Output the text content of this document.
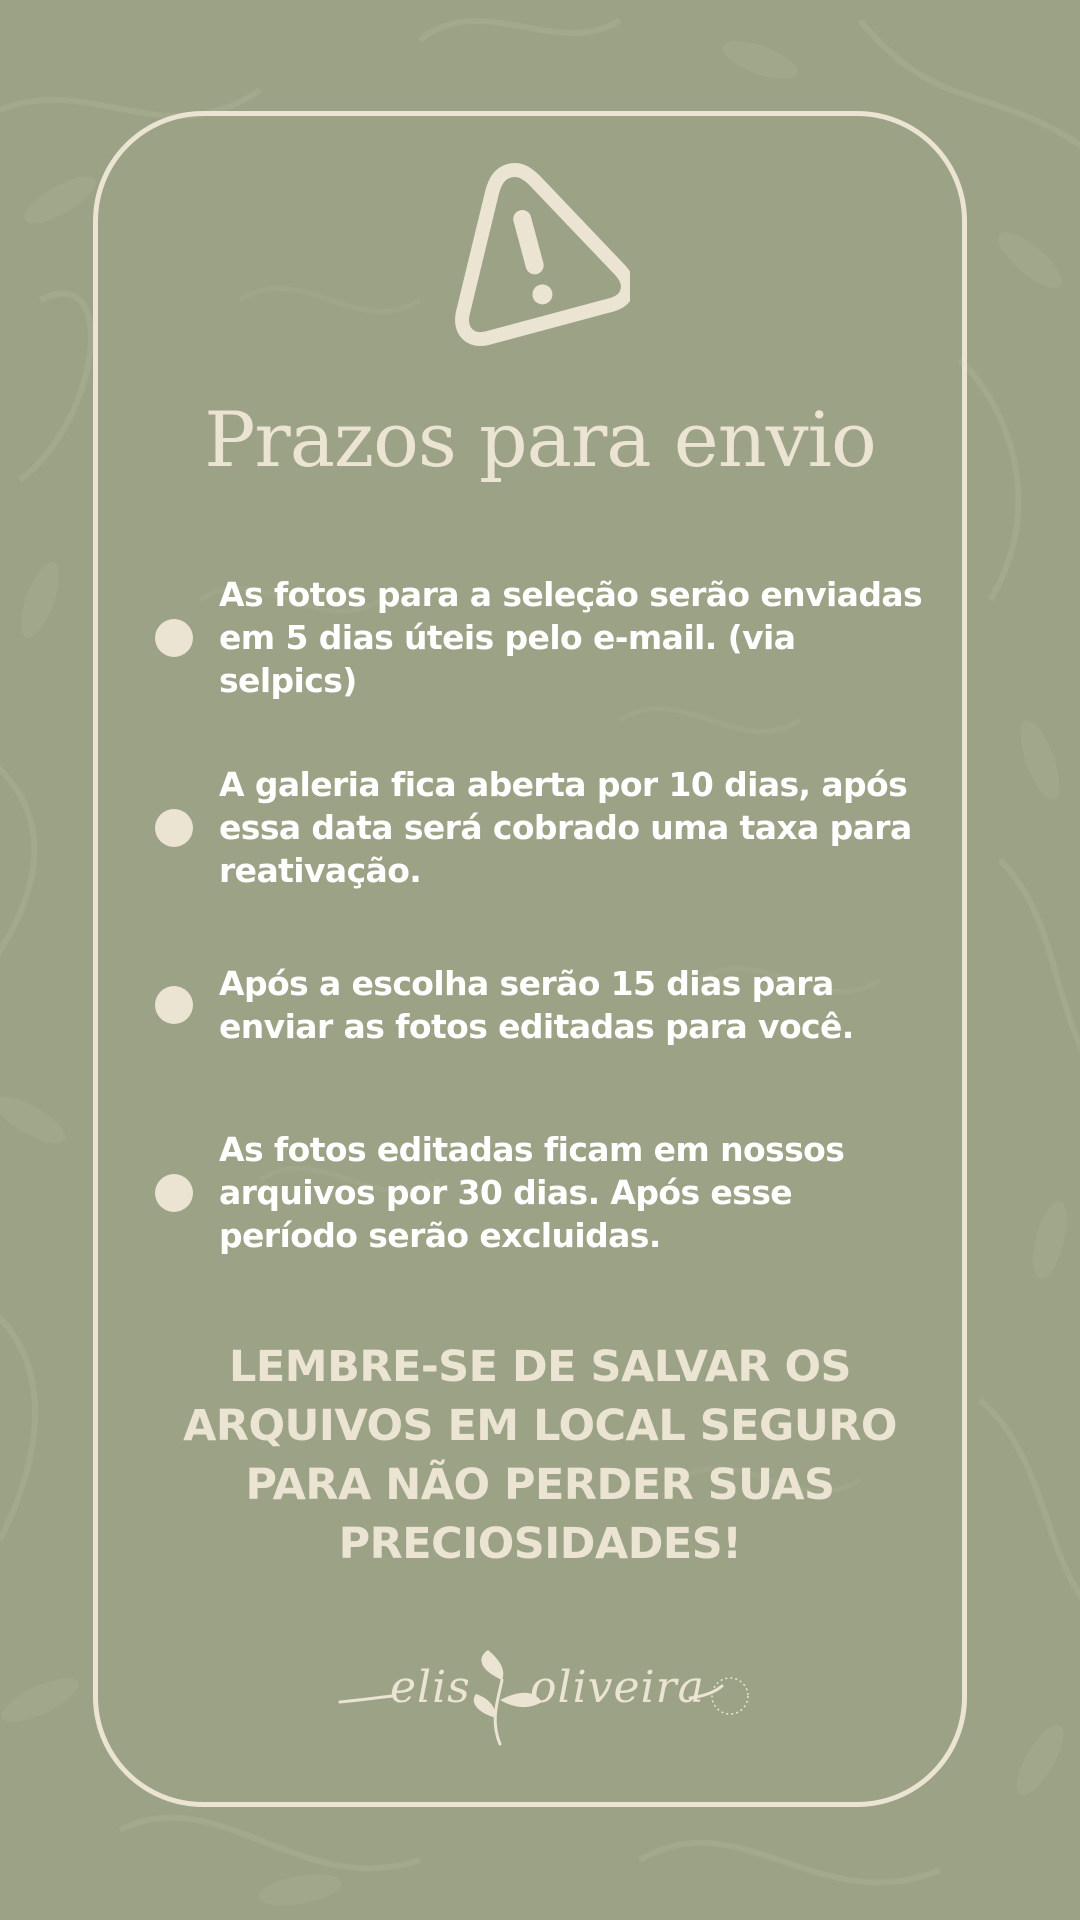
Prazos para envio
As fotos para a seleção serão enviadas em 5 dias úteis pelo e-mail. (via selpics)
A galeria fica aberta por 10 dias, após essa data será cobrado uma taxa para reativação.
Após a escolha serão 15 dias para enviar as fotos editadas para você.
As fotos editadas ficam em nossos arquivos por 30 dias. Após esse período serão excluidas.

LEMBRE-SE DE SALVAR OS ARQUIVOS EM LOCAL SEGURO PARA NÃO PERDER SUAS PRECIOSIDADES!

elis oliveira
